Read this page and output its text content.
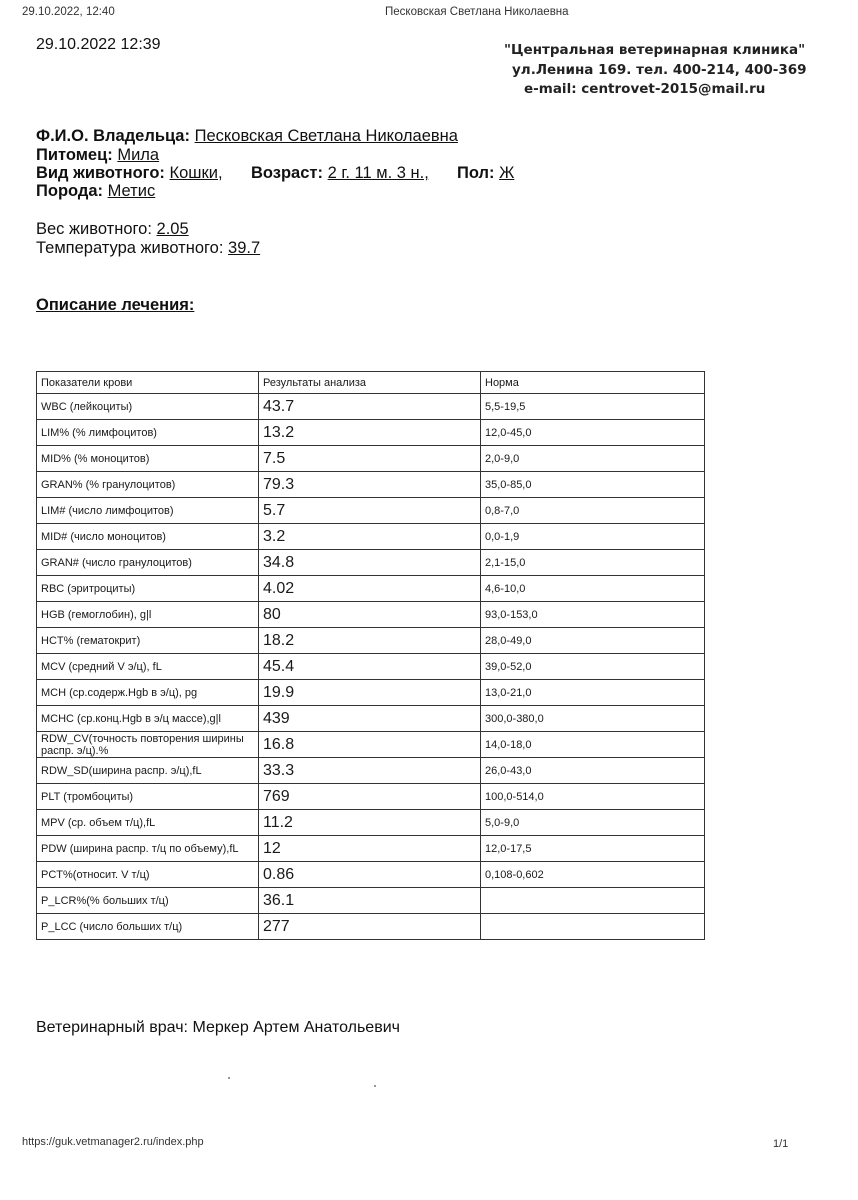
29.10.2022, 12:40	Песковская Светлана Николаевна
29.10.2022 12:39	"Центральная ветеринарная клиника"
ул.Ленина 169. тел. 400-214, 400-369
e-mail: centrovet-2015@mail.ru
Ф.И.О. Владельца: Песковская Светлана Николаевна
Питомец: Мила
Вид животного: Кошки, Возраст: 2 г. 11 м. 3 н., Пол: Ж
Порода: Метис
Вес животного: 2.05
Температура животного: 39.7
Описание лечения:
Показатели крови	Результаты анализа	Норма
WBC (лейкоциты)	43.7	5,5-19,5
LIM% (% лимфоцитов)	13.2	12,0-45,0
MID% (% моноцитов)	7.5	2,0-9,0
GRAN% (% гранулоцитов)	79.3	35,0-85,0
LIM# (число лимфоцитов)	5.7	0,8-7,0
MID# (число моноцитов)	3.2	0,0-1,9
GRAN# (число гранулоцитов)	34.8	2,1-15,0
RBC (эритроциты)	4.02	4,6-10,0
HGB (гемоглобин), g|l	80	93,0-153,0
HCT% (гематокрит)	18.2	28,0-49,0
MCV (средний V э/ц), fL	45.4	39,0-52,0
MCH (ср.содерж.Hgb в э/ц), pg	19.9	13,0-21,0
MCHC (ср.конц.Hgb в э/ц массе),g|l	439	300,0-380,0
RDW_CV(точность повторения ширины распр. э/ц).%	16.8	14,0-18,0
RDW_SD(ширина распр. э/ц),fL	33.3	26,0-43,0
PLT (тромбоциты)	769	100,0-514,0
MPV (ср. объем т/ц),fL	11.2	5,0-9,0
PDW (ширина распр. т/ц по объему),fL	12	12,0-17,5
PCT%(относит. V т/ц)	0.86	0,108-0,602
P_LCR%(% больших т/ц)	36.1	
P_LCC (число больших т/ц)	277	
Ветеринарный врач: Меркер Артем Анатольевич
https://guk.vetmanager2.ru/index.php	1/1
